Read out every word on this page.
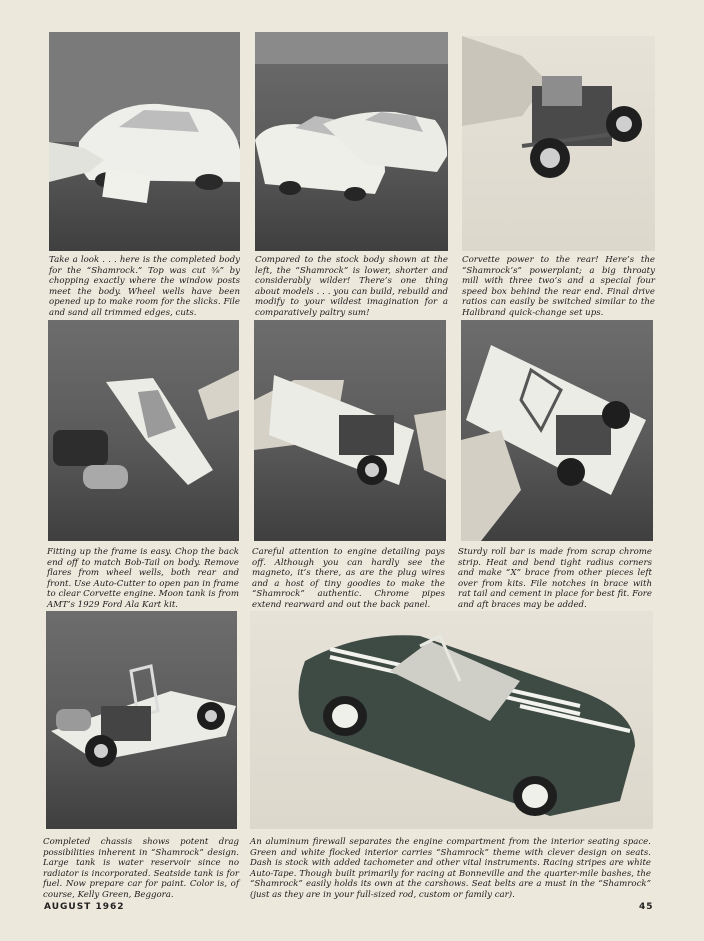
Take a look . . . here is the completed body for the “Shamrock.” Top was cut ⅝” by chopping exactly where the window posts meet the body. Wheel wells have been opened up to make room for the slicks. File and sand all trimmed edges, cuts.

Compared to the stock body shown at the left, the “Shamrock” is lower, shorter and considerably wilder! There’s one thing about models . . . you can build, rebuild and modify to your wildest imagination for a comparatively paltry sum!

Corvette power to the rear! Here’s the “Shamrock’s” powerplant; a big throaty mill with three two’s and a special four speed box behind the rear end. Final drive ratios can easily be switched similar to the Halibrand quick-change set ups.

Fitting up the frame is easy. Chop the back end off to match Bob-Tail on body. Remove flares from wheel wells, both rear and front. Use Auto-Cutter to open pan in frame to clear Corvette engine. Moon tank is from AMT’s 1929 Ford Ala Kart kit.

Careful attention to engine detailing pays off. Although you can hardly see the magneto, it’s there, as are the plug wires and a host of tiny goodies to make the “Shamrock” authentic. Chrome pipes extend rearward and out the back panel.

Sturdy roll bar is made from scrap chrome strip. Heat and bend tight radius corners and make “X” brace from other pieces left over from kits. File notches in brace with rat tail and cement in place for best fit. Fore and aft braces may be added.

Completed chassis shows potent drag possibilities inherent in “Shamrock” design. Large tank is water reservoir since no radiator is incorporated. Seatside tank is for fuel. Now prepare car for paint. Color is, of course, Kelly Green, Beggora.

An aluminum firewall separates the engine compartment from the interior seating space. Green and white flocked interior carries “Shamrock” theme with clever design on seats. Dash is stock with added tachometer and other vital instruments. Racing stripes are white Auto-Tape. Though built primarily for racing at Bonneville and the quarter-mile bashes, the “Shamrock” easily holds its own at the carshows. Seat belts are a must in the “Shamrock” (just as they are in your full-sized rod, custom or family car).

AUGUST 1962	45
